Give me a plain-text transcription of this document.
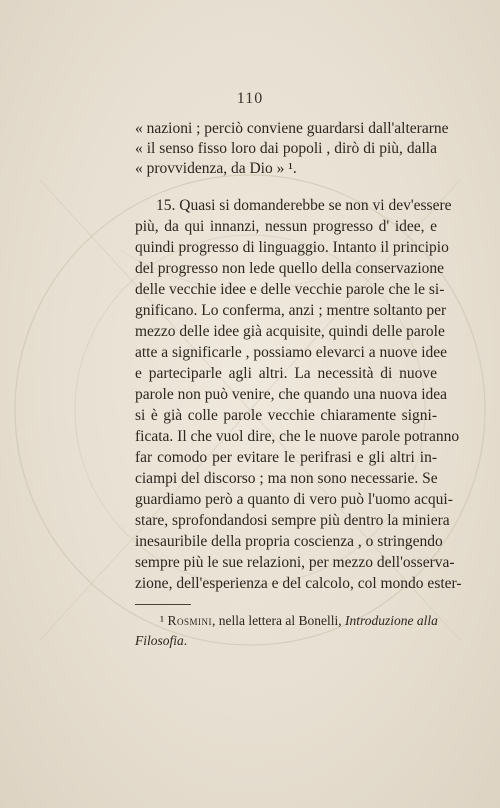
110
« nazioni ; perciò conviene guardarsi dall'alterarne
« il senso fisso loro dai popoli , dirò di più, dalla
« provvidenza, da Dio » ¹.
15. Quasi si domanderebbe se non vi dev'essere
più, da qui innanzi, nessun progresso d' idee, e
quindi progresso di linguaggio. Intanto il principio
del progresso non lede quello della conservazione
delle vecchie idee e delle vecchie parole che le si-
gnificano. Lo conferma, anzi ; mentre soltanto per
mezzo delle idee già acquisite, quindi delle parole
atte a significarle , possiamo elevarci a nuove idee
e parteciparle agli altri. La necessità di nuove
parole non può venire, che quando una nuova idea
si è già colle parole vecchie chiaramente signi-
ficata. Il che vuol dire, che le nuove parole potranno
far comodo per evitare le perifrasi e gli altri in-
ciampi del discorso ; ma non sono necessarie. Se
guardiamo però a quanto di vero può l'uomo acqui-
stare, sprofondandosi sempre più dentro la miniera
inesauribile della propria coscienza , o stringendo
sempre più le sue relazioni, per mezzo dell'osserva-
zione, dell'esperienza e del calcolo, col mondo ester-
¹ Rosmini, nella lettera al Bonelli, Introduzione alla
Filosofia.
